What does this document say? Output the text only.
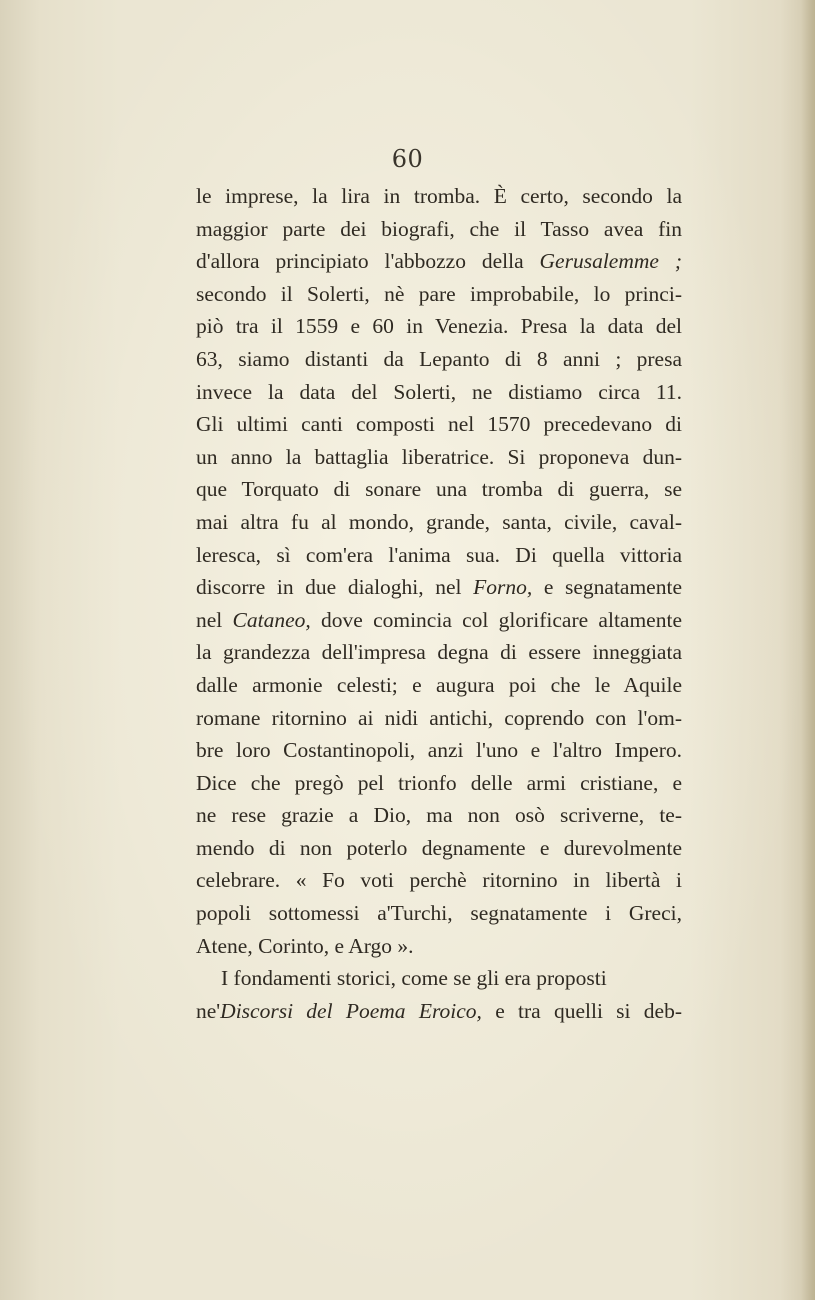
60
le imprese, la lira in tromba. È certo, secondo la
maggior parte dei biografi, che il Tasso avea fin
d'allora principiato l'abbozzo della Gerusalemme ;
secondo il Solerti, nè pare improbabile, lo princi-
piò tra il 1559 e 60 in Venezia. Presa la data del
63, siamo distanti da Lepanto di 8 anni ; presa
invece la data del Solerti, ne distiamo circa 11.
Gli ultimi canti composti nel 1570 precedevano di
un anno la battaglia liberatrice. Si proponeva dun-
que Torquato di sonare una tromba di guerra, se
mai altra fu al mondo, grande, santa, civile, caval-
leresca, sì com'era l'anima sua. Di quella vittoria
discorre in due dialoghi, nel Forno, e segnatamente
nel Cataneo, dove comincia col glorificare altamente
la grandezza dell'impresa degna di essere inneggiata
dalle armonie celesti; e augura poi che le Aquile
romane ritornino ai nidi antichi, coprendo con l'om-
bre loro Costantinopoli, anzi l'uno e l'altro Impero.
Dice che pregò pel trionfo delle armi cristiane, e
ne rese grazie a Dio, ma non osò scriverne, te-
mendo di non poterlo degnamente e durevolmente
celebrare. « Fo voti perchè ritornino in libertà i
popoli sottomessi a'Turchi, segnatamente i Greci,
Atene, Corinto, e Argo ».
I fondamenti storici, come se gli era proposti
ne'Discorsi del Poema Eroico, e tra quelli si deb-
